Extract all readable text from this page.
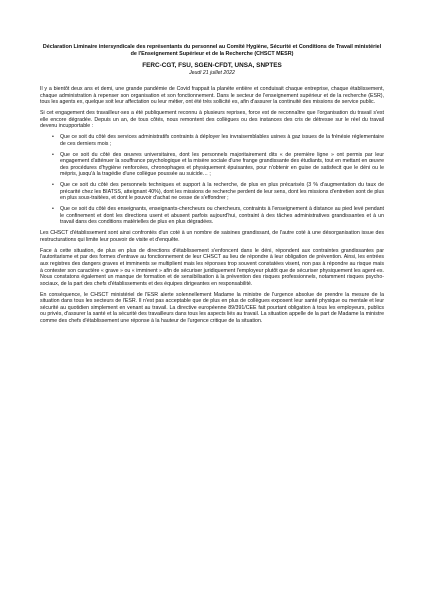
Déclaration Liminaire intersyndicale des représentants du personnel au Comité Hygiène, Sécurité et Conditions de Travail ministériel de l'Enseignement Supérieur et de la Recherche (CHSCT MESR)

FERC-CGT, FSU, SGEN-CFDT, UNSA, SNPTES

Jeudi 21 juillet 2022

Il y a bientôt deux ans et demi, une grande pandémie de Covid frappait la planète entière et conduisait chaque entreprise, chaque établissement, chaque administration à repenser son organisation et son fonctionnement. Dans le secteur de l'enseignement supérieur et de la recherche (ESR), tous les agents ex, quelque soit leur affectation ou leur métier, ont été très sollicité es, afin d'assurer la continuité des missions de service public.

Si cet engagement des travailleur·ses a été publiquement reconnu à plusieurs reprises, force est de reconnaître que l'organisation du travail s'est elle encore dégradée. Depuis un an, de tous côtés, nous remontent des collègues ou des instances des cris de détresse sur le réel du travail devenu incupportable :

• Que ce soit du côté des services administratifs contraints à déployer les invraisemblables usines à gaz issues de la frénésie réglementaire de ces derniers mois ;
• Que ce soit du côté des œuvres universitaires, dont les personnels majoritairement dits « de première ligne » ont permis par leur engagement d'atténuer la souffrance psychologique et la misère sociale d'une frange grandissante des étudiants, tout en mettant en œuvre des procédures d'hygiène renforcées, chronophages et physiquement épuisantes, pour n'obtenir en guise de satisfecit que le déni ou le mépris, jusqu'à la tragédie d'une collègue poussée au suicide… ;
• Que ce soit du côté des personnels techniques et support à la recherche, de plus en plus précarisés (3 % d'augmentation du taux de précarité chez les BIATSS, atteignant 40%), dont les missions de recherche perdent de leur sens, dont les missions d'entretien sont de plus en plus sous-traitées, et dont le pouvoir d'achat ne cesse de s'effondrer ;
• Que ce soit du côté des enseignants, enseignants-chercheurs ou chercheurs, contraints à l'enseignement à distance au pied levé pendant le confinement et dont les directions usent et abusent parfois aujourd'hui, contraint à des tâches administratives grandissantes et à un travail dans des conditions matérielles de plus en plus dégradées.

Les CHSCT d'établissement sont ainsi confrontés d'un coté à un nombre de saisines grandissant, de l'autre coté à une désorganisation issue des restructurations qui limite leur pouvoir de visite et d'enquête.

Face à cette situation, de plus en plus de directions d'établissement s'enfoncent dans le déni, répondent aux contraintes grandissantes par l'autoritarisme et par des formes d'entrave au fonctionnement de leur CHSCT au lieu de répondre à leur obligation de prévention. Ainsi, les entrées aux registres des dangers graves et imminents se multiplient mais les réponses trop souvent constatées visent, non pas à répondre au risque mais à contester son caractère « grave » ou « imminent » afin de sécuriser juridiquement l'employeur plutôt que de sécuriser physiquement les agent·es. Nous constatons également un manque de formation et de sensibilisation à la prévention des risques professionnels, notamment risques psycho-sociaux, de la part des chefs d'établissements et des équipes dirigeantes en responsabilité.

En conséquence, le CHSCT ministériel de l'ESR alerte solennellement Madame la ministre de l'urgence absolue de prendre la mesure de la situation dans tous les secteurs de l'ESR. Il n'est pas acceptable que de plus en plus de collègues exposent leur santé physique ou mentale et leur sécurité au quotidien simplement en venant au travail. La directive européenne 89/391/CEE fait pourtant obligation à tous les employeurs, publics ou privés, d'assurer la santé et la sécurité des travailleurs dans tous les aspects liés au travail. La situation appelle de la part de Madame la ministre comme des chefs d'établissement une réponse à la hauteur de l'urgence critique de la situation.
